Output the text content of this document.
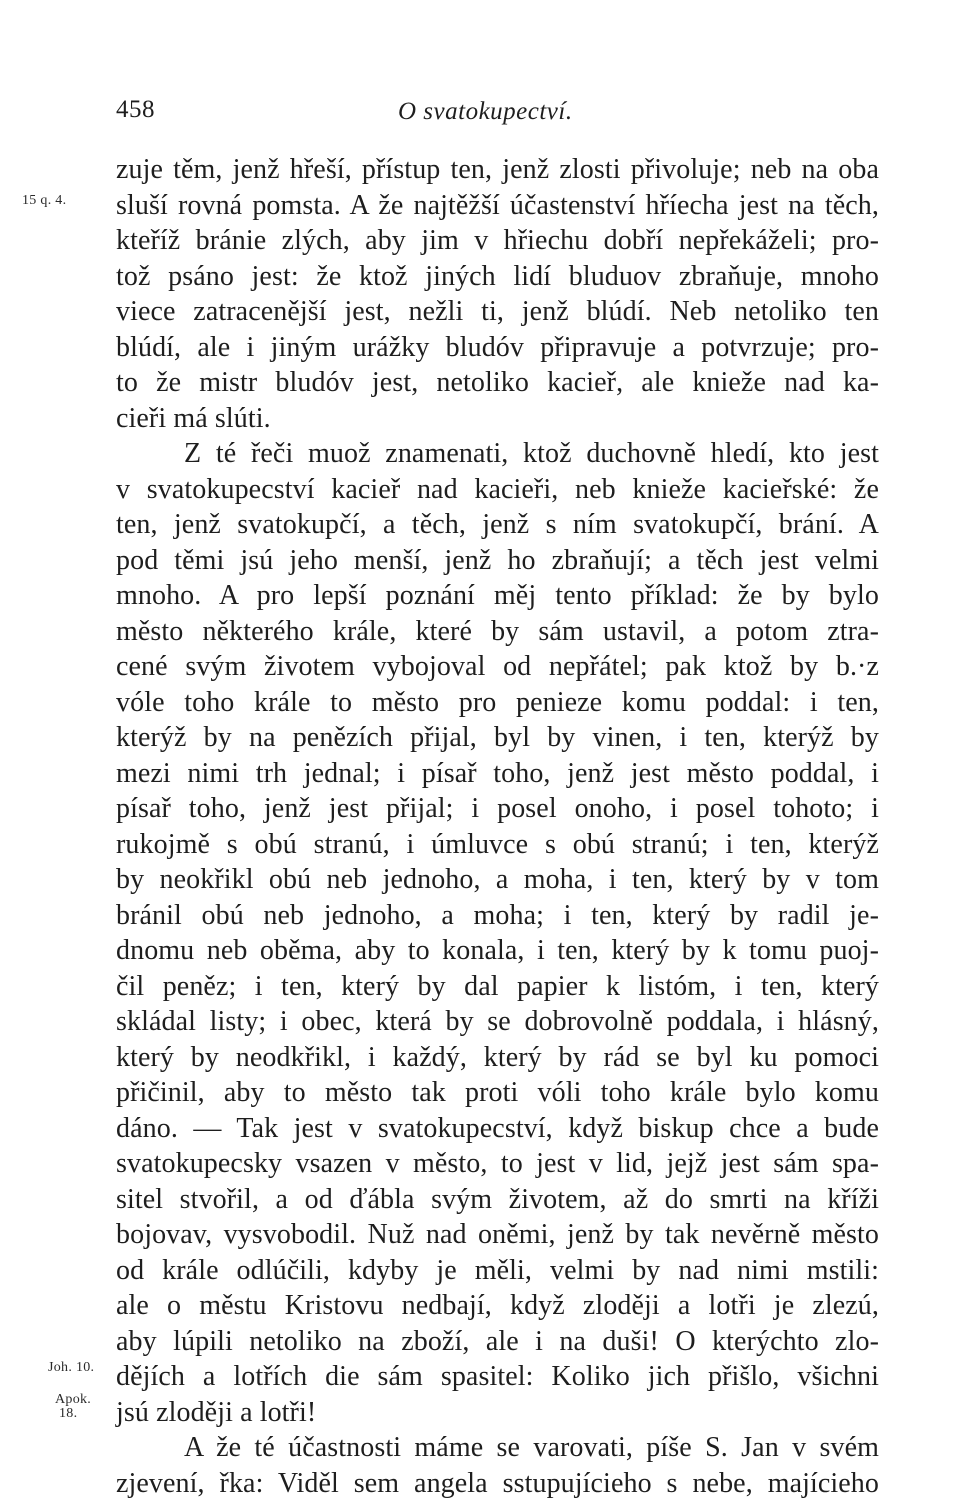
458	O svatokupectví.
15 q. 4.
Joh. 10.
Apok.
18.
zuje těm, jenž hřeší, přístup ten, jenž zlosti přivoluje; neb na oba
sluší rovná pomsta. A že najtěžší účastenství hříecha jest na těch,
kteříž bránie zlých, aby jim v hřiechu dobří nepřekáželi; pro-
tož psáno jest: že ktož jiných lidí bluduov zbraňuje, mnoho
viece zatracenější jest, nežli ti, jenž blúdí. Neb netoliko ten
blúdí, ale i jiným urážky bludóv připravuje a potvrzuje; pro-
to že mistr bludóv jest, netoliko kacieř, ale knieže nad ka-
cieři má slúti.
Z té řeči muož znamenati, ktož duchovně hledí, kto jest
v svatokupecství kacieř nad kacieři, neb knieže kacieřské: že
ten, jenž svatokupčí, a těch, jenž s ním svatokupčí, brání. A
pod těmi jsú jeho menší, jenž ho zbraňují; a těch jest velmi
mnoho. A pro lepší poznání měj tento příklad: že by bylo
město některého krále, které by sám ustavil, a potom ztra-
cené svým životem vybojoval od nepřátel; pak ktož by b.·z
vóle toho krále to město pro penieze komu poddal: i ten,
kterýž by na penězích přijal, byl by vinen, i ten, kterýž by
mezi nimi trh jednal; i písař toho, jenž jest město poddal, i
písař toho, jenž jest přijal; i posel onoho, i posel tohoto; i
rukojmě s obú stranú, i úmluvce s obú stranú; i ten, kterýž
by neokřikl obú neb jednoho, a moha, i ten, který by v tom
bránil obú neb jednoho, a moha; i ten, který by radil je-
dnomu neb oběma, aby to konala, i ten, který by k tomu puoj-
čil peněz; i ten, který by dal papier k listóm, i ten, který
skládal listy; i obec, která by se dobrovolně poddala, i hlásný,
který by neodkřikl, i každý, který by rád se byl ku pomoci
přičinil, aby to město tak proti vóli toho krále bylo komu
dáno. — Tak jest v svatokupecství, když biskup chce a bude
svatokupecsky vsazen v město, to jest v lid, jejž jest sám spa-
sitel stvořil, a od ďábla svým životem, až do smrti na kříži
bojovav, vysvobodil. Nuž nad oněmi, jenž by tak nevěrně město
od krále odlúčili, kdyby je měli, velmi by nad nimi mstili:
ale o městu Kristovu nedbají, když zloději a lotři je zlezú,
aby lúpili netoliko na zboží, ale i na duši! O kterýchto zlo-
dějích a lotřích die sám spasitel: Koliko jich přišlo, všichni
jsú zloději a lotři!
A že té účastnosti máme se varovati, píše S. Jan v svém
zjevení, řka: Viděl sem angela sstupujícieho s nebe, majícieho
